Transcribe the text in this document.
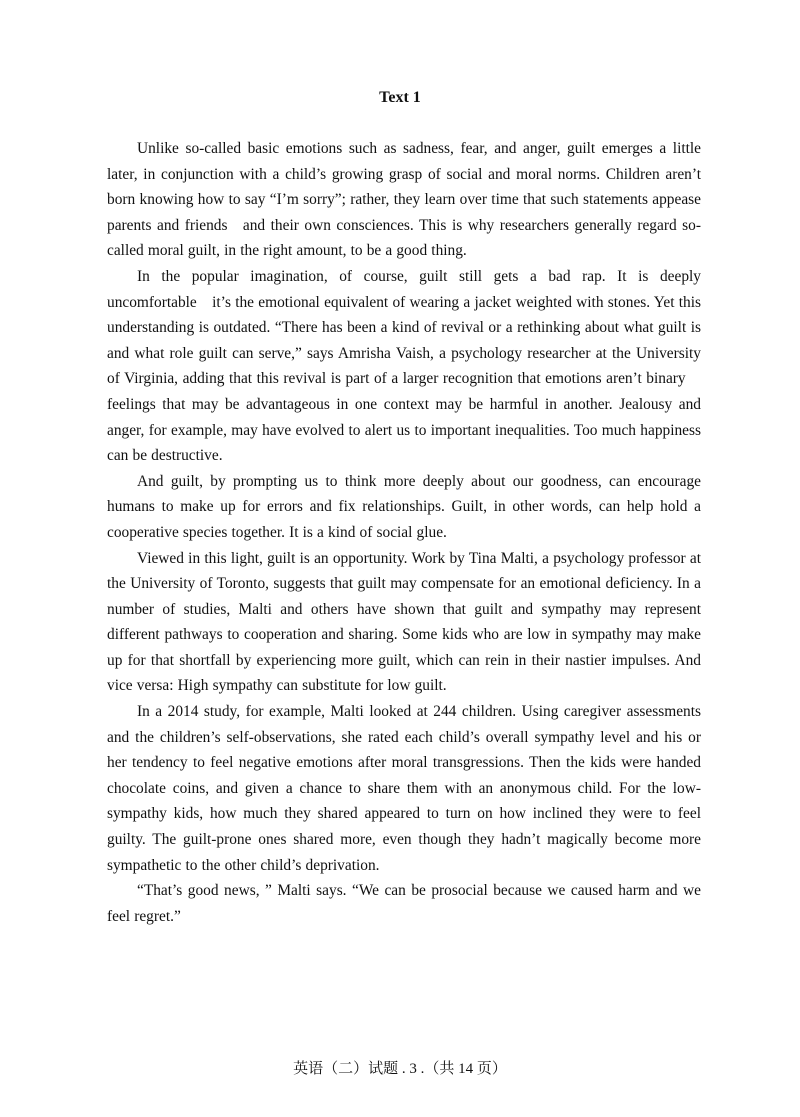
Text 1

Unlike so-called basic emotions such as sadness, fear, and anger, guilt emerges a little later, in conjunction with a child’s growing grasp of social and moral norms. Children aren’t born knowing how to say “I’m sorry”; rather, they learn over time that such statements appease parents and friends and their own consciences. This is why researchers generally regard so-called moral guilt, in the right amount, to be a good thing.

In the popular imagination, of course, guilt still gets a bad rap. It is deeply uncomfortable it’s the emotional equivalent of wearing a jacket weighted with stones. Yet this understanding is outdated. “There has been a kind of revival or a rethinking about what guilt is and what role guilt can serve,” says Amrisha Vaish, a psychology researcher at the University of Virginia, adding that this revival is part of a larger recognition that emotions aren’t binary feelings that may be advantageous in one context may be harmful in another. Jealousy and anger, for example, may have evolved to alert us to important inequalities. Too much happiness can be destructive.

And guilt, by prompting us to think more deeply about our goodness, can encourage humans to make up for errors and fix relationships. Guilt, in other words, can help hold a cooperative species together. It is a kind of social glue.

Viewed in this light, guilt is an opportunity. Work by Tina Malti, a psychology professor at the University of Toronto, suggests that guilt may compensate for an emotional deficiency. In a number of studies, Malti and others have shown that guilt and sympathy may represent different pathways to cooperation and sharing. Some kids who are low in sympathy may make up for that shortfall by experiencing more guilt, which can rein in their nastier impulses. And vice versa: High sympathy can substitute for low guilt.

In a 2014 study, for example, Malti looked at 244 children. Using caregiver assessments and the children’s self-observations, she rated each child’s overall sympathy level and his or her tendency to feel negative emotions after moral transgressions. Then the kids were handed chocolate coins, and given a chance to share them with an anonymous child. For the low-sympathy kids, how much they shared appeared to turn on how inclined they were to feel guilty. The guilt-prone ones shared more, even though they hadn’t magically become more sympathetic to the other child’s deprivation.

“That’s good news, ” Malti says. “We can be prosocial because we caused harm and we feel regret.”

英语（二）试题 . 3 .（共 14 页）
